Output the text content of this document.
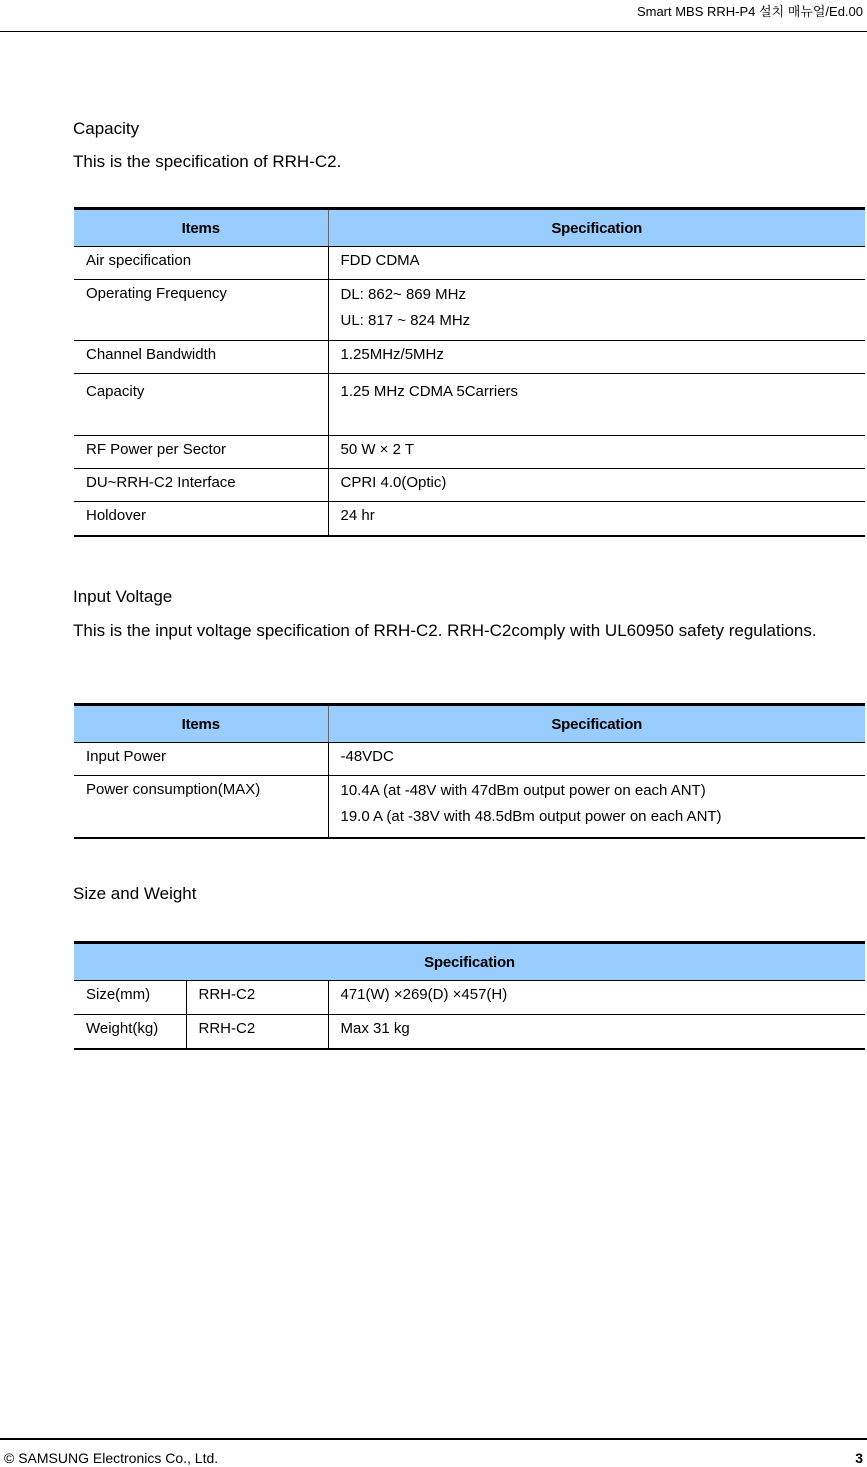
Smart MBS RRH-P4 설치 매뉴얼/Ed.00
Capacity
This is the specification of RRH-C2.
Items	Specification
Air specification	FDD CDMA
Operating Frequency	DL: 862~ 869 MHz
UL: 817 ~ 824 MHz

Channel Bandwidth	1.25MHz/5MHz
Capacity	1.25 MHz CDMA 5Carriers
RF Power per Sector	50 W × 2 T
DU~RRH-C2 Interface	CPRI 4.0(Optic)
Holdover	24 hr
Input Voltage
This is the input voltage specification of RRH-C2. RRH-C2comply with UL60950 safety regulations.
Items	Specification
Input Power	-48VDC
Power consumption(MAX)	10.4A (at -48V with 47dBm output power on each ANT)
19.0 A (at -38V with 48.5dBm output power on each ANT)
Size and Weight
Specification		
Size(mm)	RRH-C2	471(W) ×269(D) ×457(H)
Weight(kg)	RRH-C2	Max 31 kg
© SAMSUNG Electronics Co., Ltd.	3
